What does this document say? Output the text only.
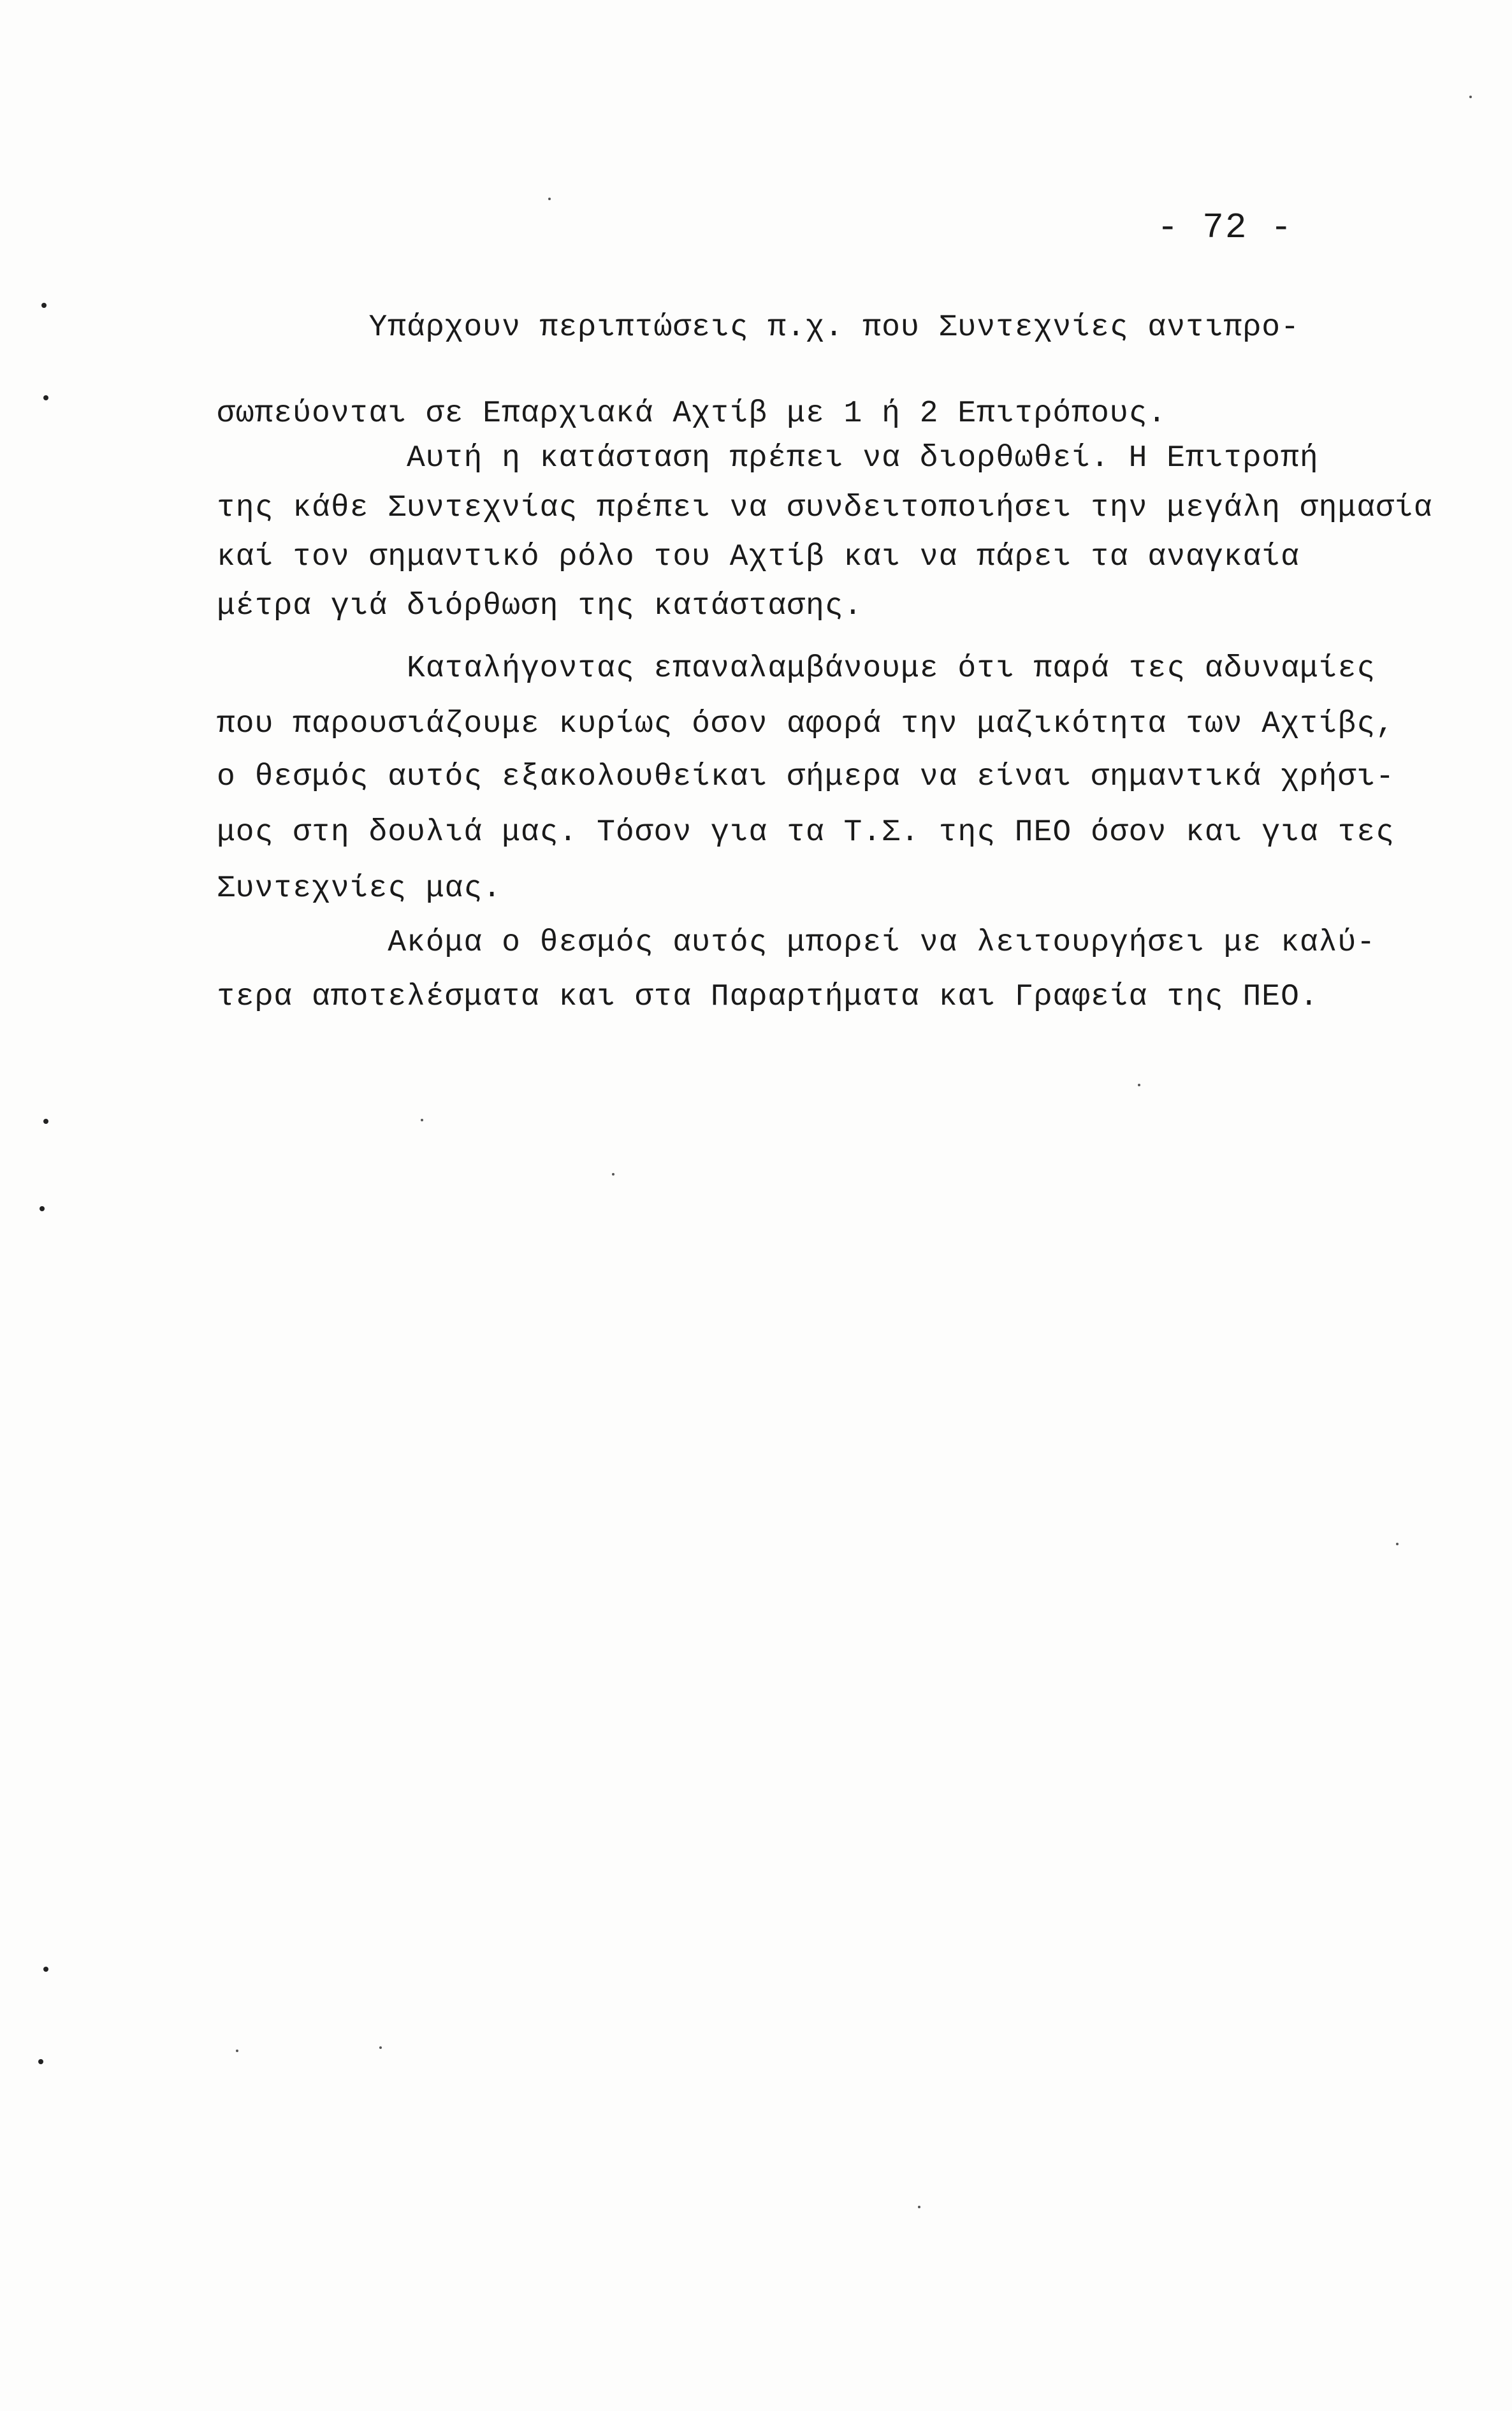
- 72 -
Υπάρχουν περιπτώσεις π.χ. που Συντεχνίες αντιπρο-
σωπεύονται σε Επαρχιακά Αχτίβ με 1 ή 2 Επιτρόπους.
Αυτή η κατάσταση πρέπει να διορθωθεί. Η Επιτροπή
της κάθε Συντεχνίας πρέπει να συνδειτοποιήσει την μεγάλη σημασία
καί τον σημαντικό ρόλο του Αχτίβ και να πάρει τα αναγκαία
μέτρα γιά διόρθωση της κατάστασης.
Καταλήγοντας επαναλαμβάνουμε ότι παρά τες αδυναμίες
που παρουσιάζουμε κυρίως όσον αφορά την μαζικότητα των Αχτίβς,
ο θεσμός αυτός εξακολουθείκαι σήμερα να είναι σημαντικά χρήσι-
μος στη δουλιά μας. Τόσον για τα Τ.Σ. της ΠΕΟ όσον και για τες
Συντεχνίες μας.
Ακόμα ο θεσμός αυτός μπορεί να λειτουργήσει με καλύ-
τερα αποτελέσματα και στα Παραρτήματα και Γραφεία της ΠΕΟ.
